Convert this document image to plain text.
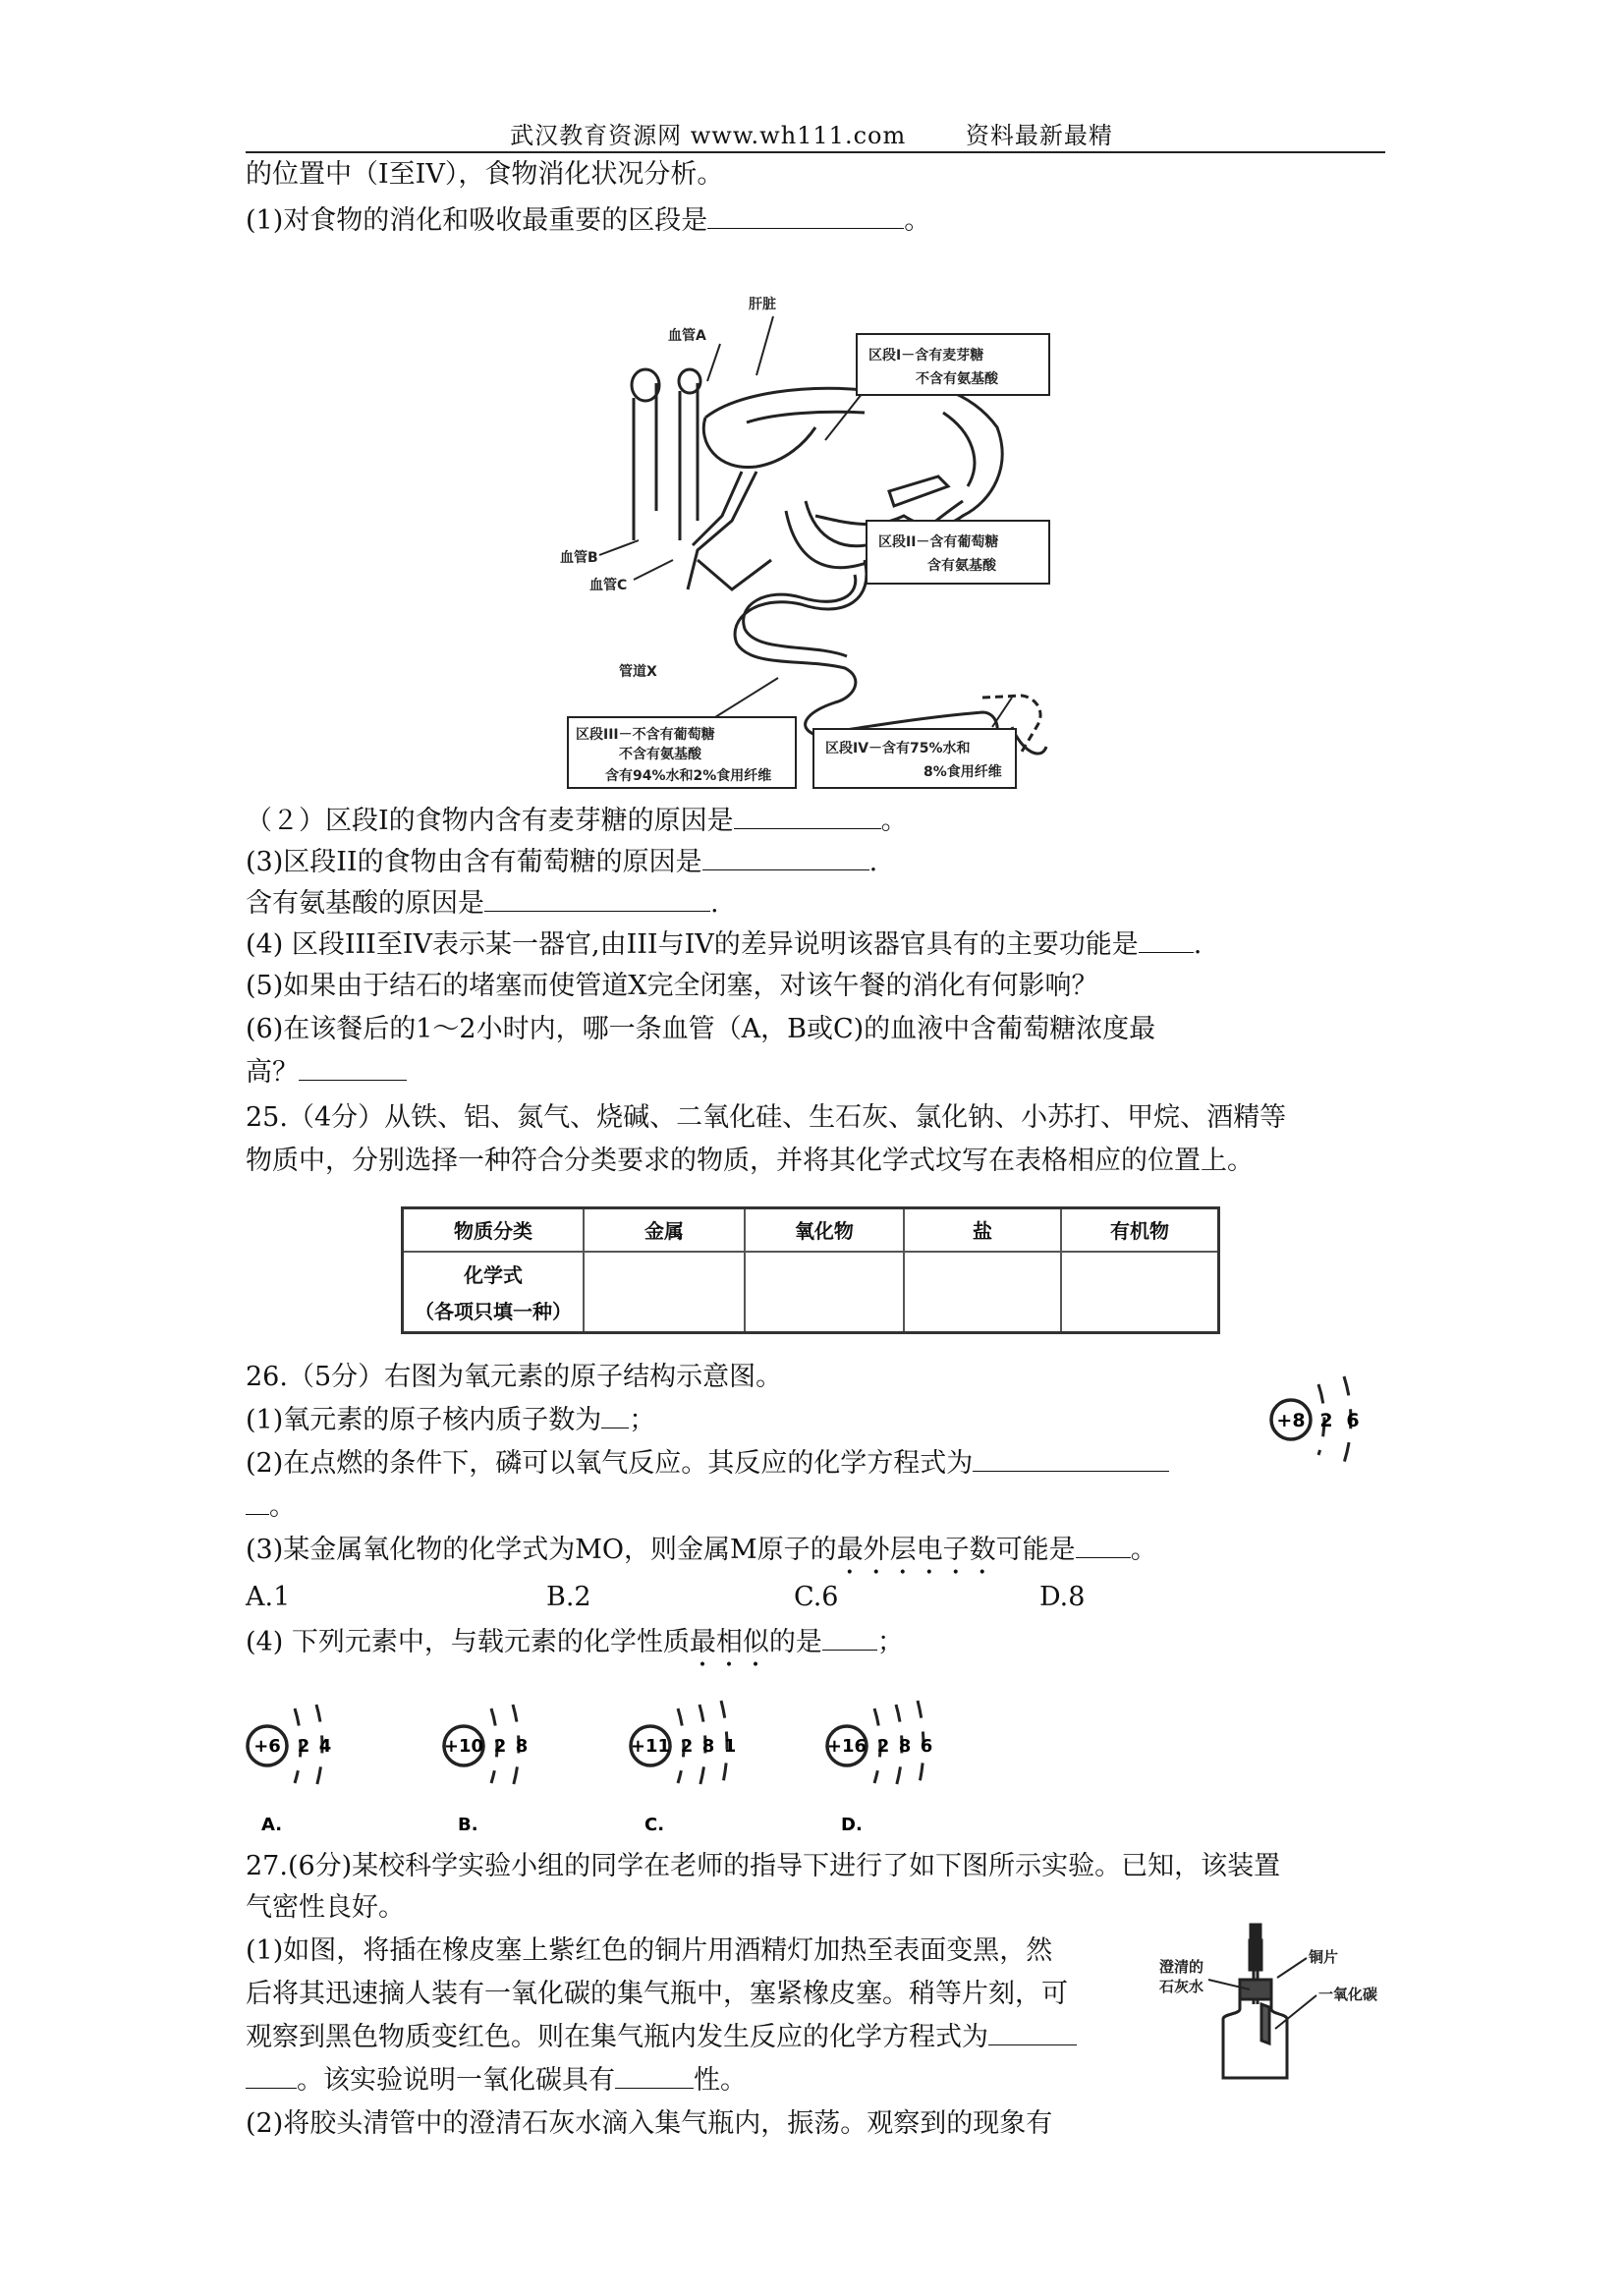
武汉教育资源网 www.wh111.com	资料最新最精
的位置中（I至IV），食物消化状况分析。
(1)对食物的消化和吸收最重要的区段是	。
肝脏
血管A
血管B
血管C
管道X
区段I－含有麦芽糖
不含有氨基酸
区段II－含有葡萄糖
含有氨基酸
区段III－不含有葡萄糖
不含有氨基酸
含有94%水和2%食用纤维
区段IV－含有75%水和
8%食用纤维
（２）区段I的食物内含有麦芽糖的原因是	。
(3)区段II的食物由含有葡萄糖的原因是	.
含有氨基酸的原因是	.
(4) 区段III至IV表示某一器官,由III与IV的差异说明该器官具有的主要功能是 .
(5)如果由于结石的堵塞而使管道X完全闭塞，对该午餐的消化有何影响？
(6)在该餐后的1～2小时内，哪一条血管（A，B或C)的血液中含葡萄糖浓度最
高？
25.（4分）从铁、铝、氮气、烧碱、二氧化硅、生石灰、氯化钠、小苏打、甲烷、酒精等
物质中，分别选择一种符合分类要求的物质，并将其化学式坟写在表格相应的位置上。
物质分类	金属	氧化物	盐	有机物

化学式
（各项只填一种）				

26.（5分）右图为氧元素的原子结构示意图。
(1)氧元素的原子核内质子数为 ；
(2)在点燃的条件下，磷可以氧气反应。其反应的化学方程式为
。
(3)某金属氧化物的化学式为MO，则金属M原子的最外层电子数可能是 。
+8 2 6
A.1	B.2	C.6	D.8
(4) 下列元素中，与载元素的化学性质最相似的是 ；
+6 2 4
A.
+10 2 8
B.
+11 2 8 1
C.
+16 2 8 6
D.
27.(6分)某校科学实验小组的同学在老师的指导下进行了如下图所示实验。已知，该装置
气密性良好。
(1)如图，将插在橡皮塞上紫红色的铜片用酒精灯加热至表面变黑，然
后将其迅速摘人装有一氧化碳的集气瓶中，塞紧橡皮塞。稍等片刻，可
观察到黑色物质变红色。则在集气瓶内发生反应的化学方程式为
。该实验说明一氧化碳具有	性。
(2)将胶头清管中的澄清石灰水滴入集气瓶内，振荡。观察到的现象有
澄清的
石灰水
铜片
一氧化碳
